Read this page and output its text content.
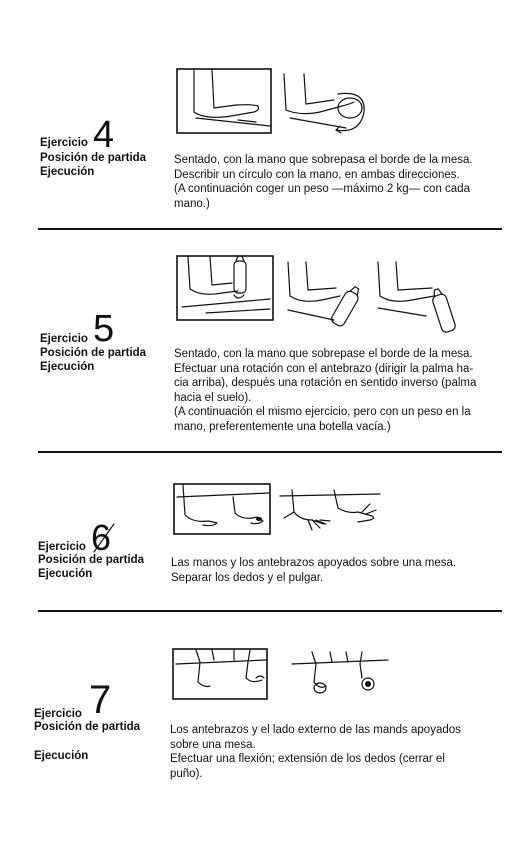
Ejercicio 4
Posición de partida
Ejecución
Sentado, con la mano que sobrepasa el borde de la mesa.
Describir un círculo con la mano, en ambas direcciones.
(A continuación coger un peso —máximo 2 kg— con cada
mano.)
Ejercicio 5
Posición de partida
Ejecución
Sentado, con la mano que sobrepase el borde de la mesa.
Efectuar una rotación con el antebrazo (dirigir la palma ha-
cia arriba), después una rotación en sentido inverso (palma
hacia el suelo).
(A continuación el mismo ejercicio, pero con un peso en la
mano, preferentemente una botella vacía.)
Ejercicio 6
Posición de partida
Ejecución
Las manos y los antebrazos apoyados sobre una mesa.
Separar los dedos y el pulgar.
Ejercicio 7
Posición de partida
Ejecución
Los antebrazos y el lado externo de las mands apoyados
sobre una mesa.
Efectuar una flexión; extensión de los dedos (cerrar el
puño).
